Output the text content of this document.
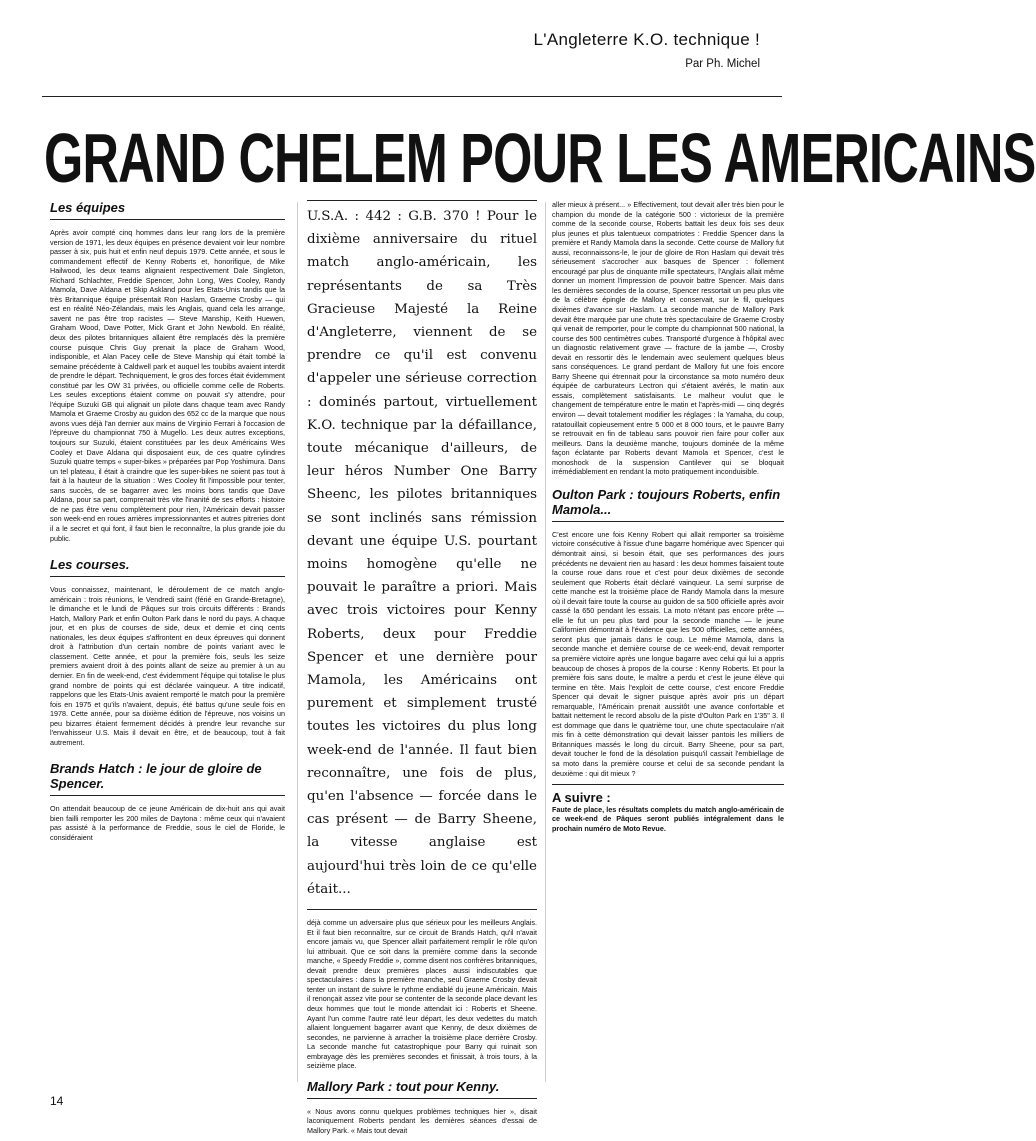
L'Angleterre K.O. technique !
Par Ph. Michel
GRAND CHELEM POUR LES AMERICAINS
Les équipes

Après avoir compté cinq hommes dans leur rang lors de la première version de 1971, les deux équipes en présence devaient voir leur nombre passer à six, puis huit et enfin neuf depuis 1979. Cette année, et sous le commandement effectif de Kenny Roberts et, honorifique, de Mike Hailwood, les deux teams alignaient respectivement Dale Singleton, Richard Schlachter, Freddie Spencer, John Long, Wes Cooley, Randy Mamola, Dave Aldana et Skip Askland pour les Etats-Unis tandis que la très Britannique équipe présentait Ron Haslam, Graeme Crosby — qui est en réalité Néo-Zélandais, mais les Anglais, quand cela les arrange, savent ne pas être trop racistes — Steve Manship, Keith Huewen, Graham Wood, Dave Potter, Mick Grant et John Newbold. En réalité, deux des pilotes britanniques allaient être remplacés dès la première course puisque Chris Guy prenait la place de Graham Wood, indisponible, et Alan Pacey celle de Steve Manship qui était tombé la semaine précédente à Caldwell park et auquel les toubibs avaient interdit de prendre le départ. Techniquement, le gros des forces était évidemment constitué par les OW 31 privées, ou officielle comme celle de Roberts. Les seules exceptions étaient comme on pouvait s'y attendre, pour l'équipe Suzuki GB qui alignait un pilote dans chaque team avec Randy Mamola et Graeme Crosby au guidon des 652 cc de la marque que nous avons vues déjà l'an dernier aux mains de Virginio Ferrari à l'occasion de l'épreuve du championnat 750 à Mugello. Les deux autres exceptions, toujours sur Suzuki, étaient constituées par les deux Américains Wes Cooley et Dave Aldana qui disposaient eux, de ces quatre cylindres Suzuki quatre temps « super-bikes » préparées par Pop Yoshimura. Dans un tel plateau, il était à craindre que les super-bikes ne soient pas tout à fait à la hauteur de la situation : Wes Cooley fit l'impossible pour tenter, sans succès, de se bagarrer avec les moins bons tandis que Dave Aldana, pour sa part, comprenait très vite l'inanité de ses efforts : histoire de ne pas être venu complètement pour rien, l'Américain devait passer son week-end en roues arrières impressionnantes et autres pitreries dont il a le secret et qui font, il faut bien le reconnaître, la plus grande joie du public.

Les courses.

Vous connaissez, maintenant, le déroulement de ce match anglo-américain : trois réunions, le Vendredi saint (férié en Grande-Bretagne), le dimanche et le lundi de Pâques sur trois circuits différents : Brands Hatch, Mallory Park et enfin Oulton Park dans le nord du pays. A chaque jour, et en plus de courses de side, deux et demie et cinq cents nationales, les deux équipes s'affrontent en deux épreuves qui donnent droit à l'attribution d'un certain nombre de points variant avec le classement. Cette année, et pour la première fois, seuls les seize premiers avaient droit à des points allant de seize au premier à un au dernier. En fin de week-end, c'est évidemment l'équipe qui totalise le plus grand nombre de points qui est déclarée vainqueur. A titre indicatif, rappelons que les Etats-Unis avaient remporté le match pour la première fois en 1975 et qu'ils n'avaient, depuis, été battus qu'une seule fois en 1978. Cette année, pour sa dixième édition de l'épreuve, nos voisins un peu bizarres étaient fermement décidés à prendre leur revanche sur l'envahisseur U.S. Mais il devait en être, et de beaucoup, tout à fait autrement.

Brands Hatch : le jour de gloire de Spencer.

On attendait beaucoup de ce jeune Américain de dix-huit ans qui avait bien failli remporter les 200 miles de Daytona : même ceux qui n'avaient pas assisté à la performance de Freddie, sous le ciel de Floride, le considéraient

U.S.A. : 442 : G.B. 370 ! Pour le dixième anniversaire du rituel match anglo-américain, les représentants de sa Très Gracieuse Majesté la Reine d'Angleterre, viennent de se prendre ce qu'il est convenu d'appeler une sérieuse correction : dominés partout, virtuellement K.O. technique par la défaillance, toute mécanique d'ailleurs, de leur héros Number One Barry Sheenc, les pilotes britanniques se sont inclinés sans rémission devant une équipe U.S. pourtant moins homogène qu'elle ne pouvait le paraître a priori. Mais avec trois victoires pour Kenny Roberts, deux pour Freddie Spencer et une dernière pour Mamola, les Américains ont purement et simplement trusté toutes les victoires du plus long week-end de l'année. Il faut bien reconnaître, une fois de plus, qu'en l'absence — forcée dans le cas présent — de Barry Sheene, la vitesse anglaise est aujourd'hui très loin de ce qu'elle était...

déjà comme un adversaire plus que sérieux pour les meilleurs Anglais. Et il faut bien reconnaître, sur ce circuit de Brands Hatch, qu'il n'avait encore jamais vu, que Spencer allait parfaitement remplir le rôle qu'on lui attribuait. Que ce soit dans la première comme dans la seconde manche, « Speedy Freddie », comme disent nos confrères britanniques, devait prendre deux premières places aussi indiscutables que spectaculaires : dans la première manche, seul Graeme Crosby devait tenter un instant de suivre le rythme endiablé du jeune Américain. Mais il renonçait assez vite pour se contenter de la seconde place devant les deux hommes que tout le monde attendait ici : Roberts et Sheene. Ayant l'un comme l'autre raté leur départ, les deux vedettes du match allaient longuement bagarrer avant que Kenny, de deux dixièmes de secondes, ne parvienne à arracher la troisième place derrière Crosby. La seconde manche fut catastrophique pour Barry qui ruinait son embrayage dès les premières secondes et finissait, à trois tours, à la seizième place.

Mallory Park : tout pour Kenny.

« Nous avons connu quelques problèmes techniques hier », disait laconiquement Roberts pendant les dernières séances d'essai de Mallory Park. « Mais tout devait

aller mieux à présent... » Effectivement, tout devait aller très bien pour le champion du monde de la catégorie 500 : victorieux de la première comme de la seconde course, Roberts battait les deux fois ses deux plus jeunes et plus talentueux compatriotes : Freddie Spencer dans la première et Randy Mamola dans la seconde. Cette course de Mallory fut aussi, reconnaissons-le, le jour de gloire de Ron Haslam qui devait très sérieusement s'accrocher aux basques de Spencer : follement encouragé par plus de cinquante mille spectateurs, l'Anglais allait même donner un moment l'impression de pouvoir battre Spencer. Mais dans les dernières secondes de la course, Spencer ressortait un peu plus vite de la célèbre épingle de Mallory et conservait, sur le fil, quelques dixièmes d'avance sur Haslam. La seconde manche de Mallory Park devait être marquée par une chute très spectaculaire de Graeme Crosby qui venait de remporter, pour le compte du championnat 500 national, la course des 500 centimètres cubes. Transporté d'urgence à l'hôpital avec un diagnostic relativement grave — fracture de la jambe —, Crosby devait en ressortir dès le lendemain avec seulement quelques bleus sans conséquences. Le grand perdant de Mallory fut une fois encore Barry Sheene qui étrennait pour la circonstance sa moto numéro deux équipée de carburateurs Lectron qui s'étaient avérés, le matin aux essais, complètement satisfaisants. Le malheur voulut que le changement de température entre le matin et l'après-midi — cinq degrés environ — devait totalement modifier les réglages : la Yamaha, du coup, ratatouillait copieusement entre 5 000 et 8 000 tours, et le pauvre Barry se retrouvait en fin de tableau sans pouvoir rien faire pour coller aux meilleurs. Dans la deuxième manche, toujours dominée de la même façon éclatante par Roberts devant Mamola et Spencer, c'est le monoshock de la suspension Cantilever qui se bloquait irrémédiablement en rendant la moto pratiquement inconduisible.

Oulton Park : toujours Roberts, enfin Mamola...

C'est encore une fois Kenny Robert qui allait remporter sa troisième victoire consécutive à l'issue d'une bagarre homérique avec Spencer qui démontrait ainsi, si besoin était, que ses performances des jours précédents ne devaient rien au hasard : les deux hommes faisaient toute la course roue dans roue et c'est pour deux dixièmes de seconde seulement que Roberts était déclaré vainqueur. La semi surprise de cette manche est la troisième place de Randy Mamola dans la mesure où il devait faire toute la course au guidon de sa 500 officielle après avoir cassé la 650 pendant les essais. La moto n'étant pas encore prête — elle le fut un peu plus tard pour la seconde manche — le jeune Californien démontrait à l'évidence que les 500 officielles, cette années, seront plus que jamais dans le coup. Le même Mamola, dans la seconde manche et dernière course de ce week-end, devait remporter sa première victoire après une longue bagarre avec celui qui lui a appris beaucoup de choses à propos de la course : Kenny Roberts. Et pour la première fois sans doute, le maître a perdu et c'est le jeune élève qui termine en tête. Mais l'exploit de cette course, c'est encore Freddie Spencer qui devait le signer puisque après avoir pris un départ remarquable, l'Américain prenait aussitôt une avance confortable et battait nettement le record absolu de la piste d'Oulton Park en 1'35" 3. Il est dommage que dans le quatrième tour, une chute spectaculaire n'ait mis fin à cette démonstration qui devait laisser pantois les milliers de Britanniques massés le long du circuit. Barry Sheene, pour sa part, devait toucher le fond de la désolation puisqu'il cassait l'embiellage de sa moto dans la première course et celui de sa seconde pendant la deuxième : qui dit mieux ?

A suivre :
Faute de place, les résultats complets du match anglo-américain de ce week-end de Pâques seront publiés intégralement dans le prochain numéro de Moto Revue.
14
